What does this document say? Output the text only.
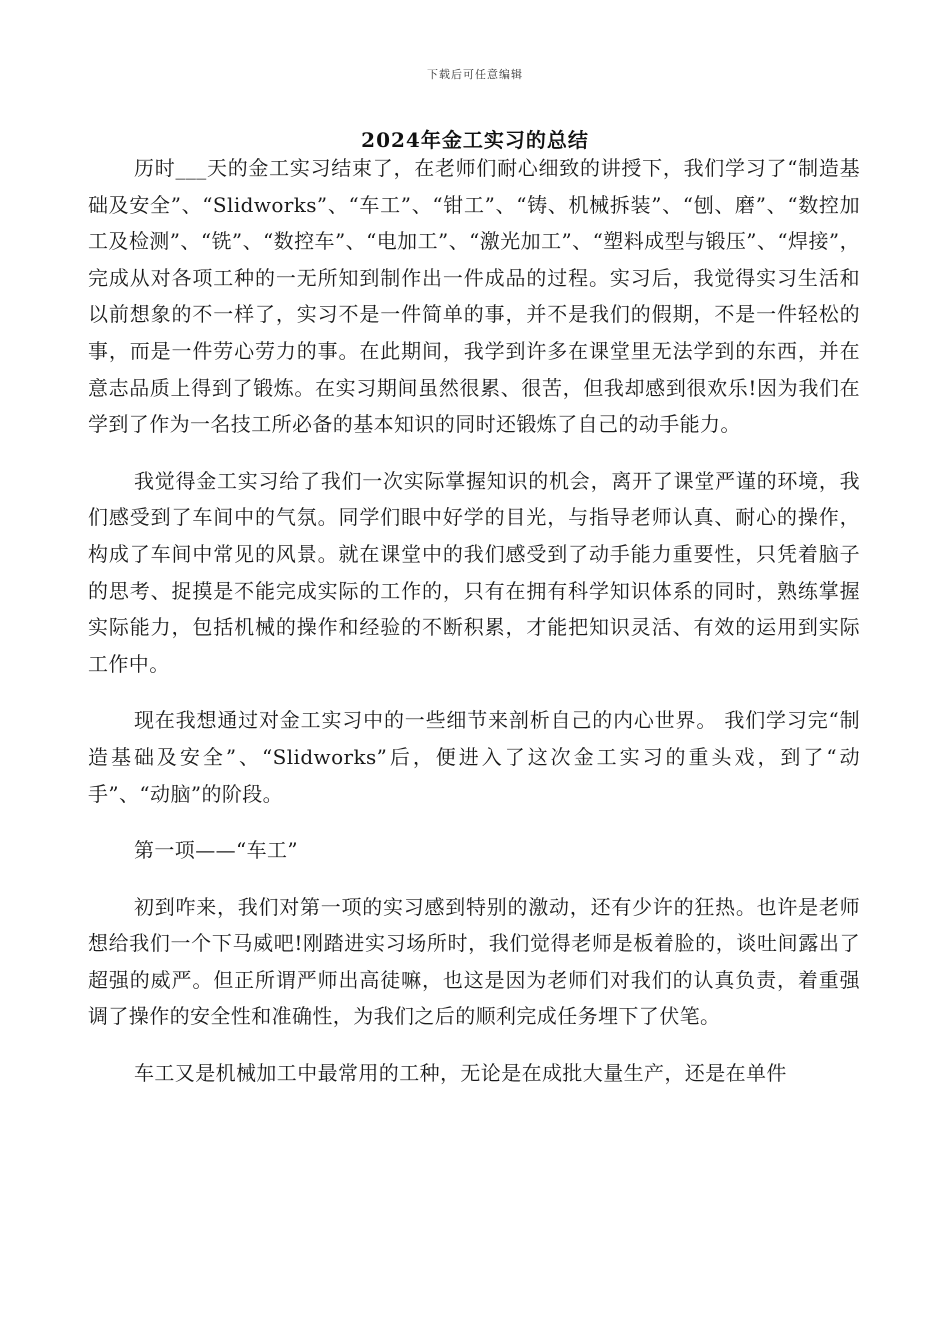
下载后可任意编辑
2024年金工实习的总结

历时___天的金工实习结束了，在老师们耐心细致的讲授下，我们学习了“制造基础及安全”、“Slidworks”、“车工”、“钳工”、“铸、机械拆装”、“刨、磨”、“数控加工及检测”、“铣”、“数控车”、“电加工”、“激光加工”、“塑料成型与锻压”、“焊接”，完成从对各项工种的一无所知到制作出一件成品的过程。实习后，我觉得实习生活和以前想象的不一样了，实习不是一件简单的事，并不是我们的假期，不是一件轻松的事，而是一件劳心劳力的事。在此期间，我学到许多在课堂里无法学到的东西，并在意志品质上得到了锻炼。在实习期间虽然很累、很苦，但我却感到很欢乐!因为我们在学到了作为一名技工所必备的基本知识的同时还锻炼了自己的动手能力。

我觉得金工实习给了我们一次实际掌握知识的机会，离开了课堂严谨的环境，我们感受到了车间中的气氛。同学们眼中好学的目光，与指导老师认真、耐心的操作，构成了车间中常见的风景。就在课堂中的我们感受到了动手能力重要性，只凭着脑子的思考、捉摸是不能完成实际的工作的，只有在拥有科学知识体系的同时，熟练掌握实际能力，包括机械的操作和经验的不断积累，才能把知识灵活、有效的运用到实际工作中。

现在我想通过对金工实习中的一些细节来剖析自己的内心世界。 我们学习完“制造基础及安全”、“Slidworks”后，便进入了这次金工实习的重头戏，到了“动手”、“动脑”的阶段。

第一项——“车工”

初到咋来，我们对第一项的实习感到特别的激动，还有少许的狂热。也许是老师想给我们一个下马威吧!刚踏进实习场所时，我们觉得老师是板着脸的，谈吐间露出了超强的威严。但正所谓严师出高徒嘛，也这是因为老师们对我们的认真负责，着重强调了操作的安全性和准确性，为我们之后的顺利完成任务埋下了伏笔。

车工又是机械加工中最常用的工种，无论是在成批大量生产，还是在单件
